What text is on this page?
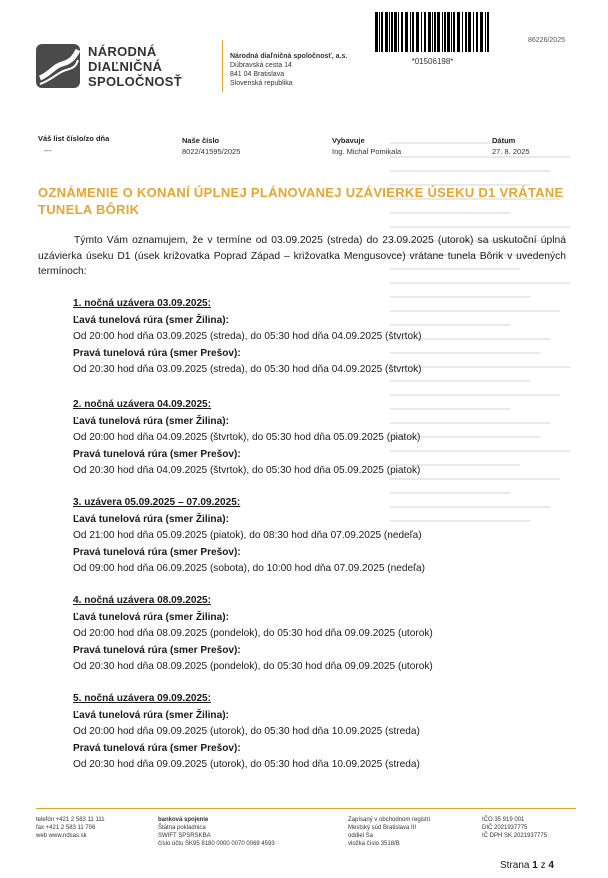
NÁRODNÁ
DIAĽNIČNÁ
SPOLOČNOSŤ
Národná diaľničná spoločnosť, a.s.
Dúbravská cesta 14
841 04 Bratislava
Slovenská republika
*01506198*
86226/2025
Váš list číslo/zo dňa
---
Naše číslo
8022/41595/2025
Vybavuje
Ing. Michal Pomikala
Dátum
27. 8. 2025
OZNÁMENIE O KONANÍ ÚPLNEJ PLÁNOVANEJ UZÁVIERKE ÚSEKU D1 VRÁTANE
TUNELA BÔRIK
Týmto Vám oznamujem, že v termíne od 03.09.2025 (streda) do 23.09.2025 (utorok) sa uskutoční úplná uzávierka úseku D1 (úsek križovatka Poprad Západ – križovatka Mengusovce) vrátane tunela Bôrik v uvedených termínoch:
1. nočná uzávera 03.09.2025:
Ľavá tunelová rúra (smer Žilina):
Od 20:00 hod dňa 03.09.2025 (streda), do 05:30 hod dňa 04.09.2025 (štvrtok)
Pravá tunelová rúra (smer Prešov):
Od 20:30 hod dňa 03.09.2025 (streda), do 05:30 hod dňa 04.09.2025 (štvrtok)
2. nočná uzávera 04.09.2025:
Ľavá tunelová rúra (smer Žilina):
Od 20:00 hod dňa 04.09.2025 (štvrtok), do 05:30 hod dňa 05.09.2025 (piatok)
Pravá tunelová rúra (smer Prešov):
Od 20:30 hod dňa 04.09.2025 (štvrtok), do 05:30 hod dňa 05.09.2025 (piatok)
3. uzávera 05.09.2025 – 07.09.2025:
Ľavá tunelová rúra (smer Žilina):
Od 21:00 hod dňa 05.09.2025 (piatok), do 08:30 hod dňa 07.09.2025 (nedeľa)
Pravá tunelová rúra (smer Prešov):
Od 09:00 hod dňa 06.09.2025 (sobota), do 10:00 hod dňa 07.09.2025 (nedeľa)
4. nočná uzávera 08.09.2025:
Ľavá tunelová rúra (smer Žilina):
Od 20:00 hod dňa 08.09.2025 (pondelok), do 05:30 hod dňa 09.09.2025 (utorok)
Pravá tunelová rúra (smer Prešov):
Od 20:30 hod dňa 08.09.2025 (pondelok), do 05:30 hod dňa 09.09.2025 (utorok)
5. nočná uzávera 09.09.2025:
Ľavá tunelová rúra (smer Žilina):
Od 20:00 hod dňa 09.09.2025 (utorok), do 05:30 hod dňa 10.09.2025 (streda)
Pravá tunelová rúra (smer Prešov):
Od 20:30 hod dňa 09.09.2025 (utorok), do 05:30 hod dňa 10.09.2025 (streda)
telefón +421 2 583 11 111
fax +421 2 583 11 706
web www.ndsas.sk
banková spojenie
Štátna pokladnica
SWIFT SPSRSKBA
číslo účtu SK95 8180 0000 0070 0069 4593
Zapísaný v obchodnom registri
Mestský súd Bratislava III
oddiel Sa
vložka číslo 3518/B
IČO 35 919 001
DIČ 2021937775
IČ DPH SK 2021937775
Strana 1 z 4
